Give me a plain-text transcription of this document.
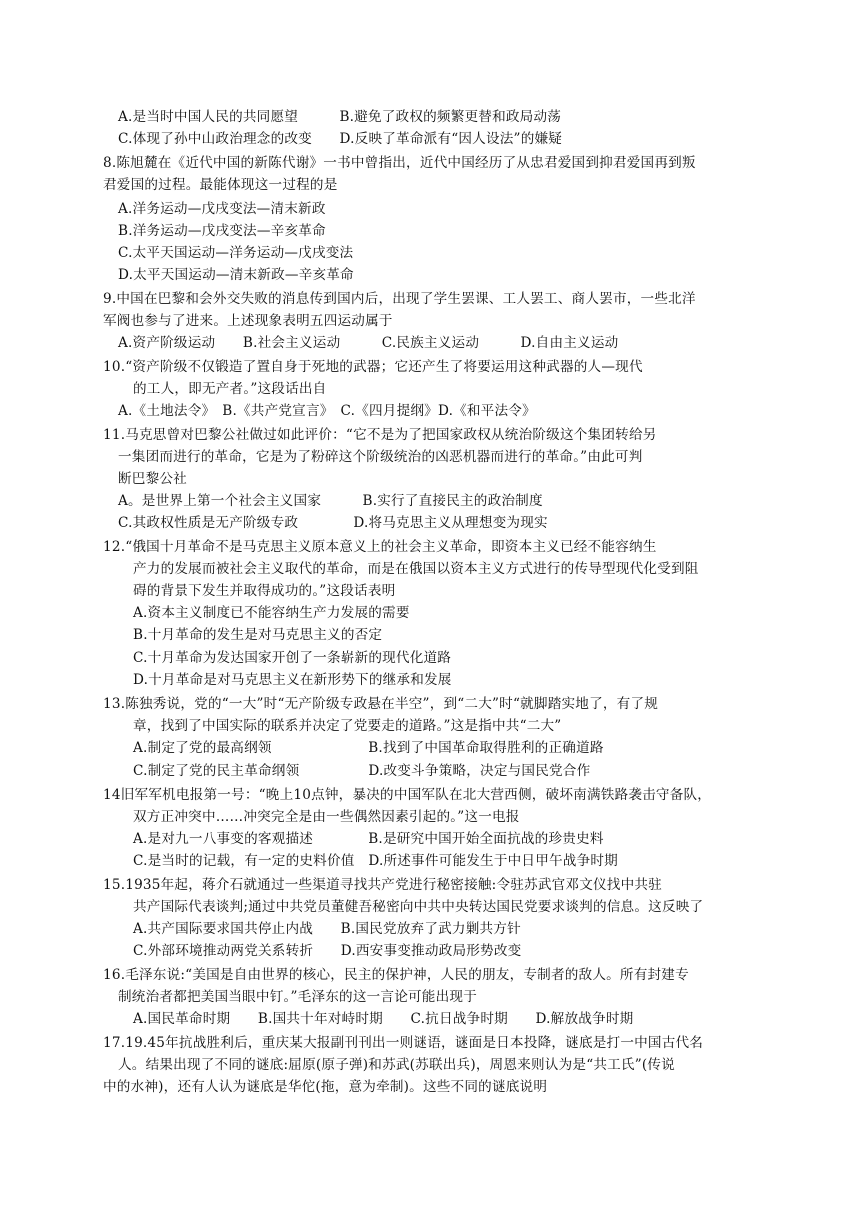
A.是当时中国人民的共同愿望　　　B.避免了政权的频繁更替和政局动荡
C.体现了孙中山政治理念的改变　　D.反映了革命派有“因人设法”的嫌疑
8.陈旭麓在《近代中国的新陈代谢》一书中曾指出，近代中国经历了从忠君爱国到抑君爱国再到叛
君爱国的过程。最能体现这一过程的是
A.洋务运动—戊戌变法—清末新政
B.洋务运动—戊戌变法—辛亥革命
C.太平天国运动—洋务运动—戊戌变法
D.太平天国运动—清末新政—辛亥革命
9.中国在巴黎和会外交失败的消息传到国内后，出现了学生罢课、工人罢工、商人罢市，一些北洋
军阀也参与了进来。上述现象表明五四运动属于
A.资产阶级运动　　B.社会主义运动　　　C.民族主义运动　　　D.自由主义运动
10.“资产阶级不仅锻造了置自身于死地的武器；它还产生了将要运用这种武器的人—现代
的工人，即无产者。”这段话出自
A.《土地法令》　B.《共产党宣言》　C.《四月提纲》D.《和平法令》
11.马克思曾对巴黎公社做过如此评价：“它不是为了把国家政权从统治阶级这个集团转给另
一集团而进行的革命，它是为了粉碎这个阶级统治的凶恶机器而进行的革命。”由此可判
断巴黎公社
A。是世界上第一个社会主义国家　　　B.实行了直接民主的政治制度
C.其政权性质是无产阶级专政　　　　D.将马克思主义从理想变为现实
12.“俄国十月革命不是马克思主义原本意义上的社会主义革命，即资本主义已经不能容纳生
产力的发展而被社会主义取代的革命，而是在俄国以资本主义方式进行的传导型现代化受到阻
碍的背景下发生并取得成功的。”这段话表明
A.资本主义制度已不能容纳生产力发展的需要
B.十月革命的发生是对马克思主义的否定
C.十月革命为发达国家开创了一条崭新的现代化道路
D.十月革命是对马克思主义在新形势下的继承和发展
13.陈独秀说，党的“一大”时“无产阶级专政悬在半空”，到“二大”时“就脚踏实地了，有了规
章，找到了中国实际的联系并决定了党要走的道路。”这是指中共“二大”
A.制定了党的最高纲领　　　　　　　B.找到了中国革命取得胜利的正确道路
C.制定了党的民主革命纲领　　　　　D.改变斗争策略，决定与国民党合作
14旧军军机电报第一号：“晚上10点钟，暴决的中国军队在北大营西侧，破坏南满铁路袭击守备队，
双方正冲突中……冲突完全是由一些偶然因素引起的。”这一电报
A.是对九一八事变的客观描述　　　　B.是研究中国开始全面抗战的珍贵史料
C.是当时的记载，有一定的史料价值　D.所述事件可能发生于中日甲午战争时期
15.1935年起，蒋介石就通过一些渠道寻找共产党进行秘密接触:令驻苏武官邓文仪找中共驻
共产国际代表谈判;通过中共党员董健吾秘密向中共中央转达国民党要求谈判的信息。这反映了
A.共产国际要求国共停止内战　　B.国民党放弃了武力剿共方针
C.外部环境推动两党关系转折　　D.西安事变推动政局形势改变
16.毛泽东说:“美国是自由世界的核心，民主的保护神，人民的朋友，专制者的敌人。所有封建专
制统治者都把美国当眼中钉。”毛泽东的这一言论可能出现于
A.国民革命时期　　B.国共十年对峙时期　　C.抗日战争时期　　D.解放战争时期
17.19.45年抗战胜利后，重庆某大报副刊刊出一则谜语，谜面是日本投降，谜底是打一中国古代名
人。结果出现了不同的谜底:屈原(原子弹)和苏武(苏联出兵)，周恩来则认为是“共工氏”(传说
中的水神)，还有人认为谜底是华佗(拖，意为牵制)。这些不同的谜底说明
